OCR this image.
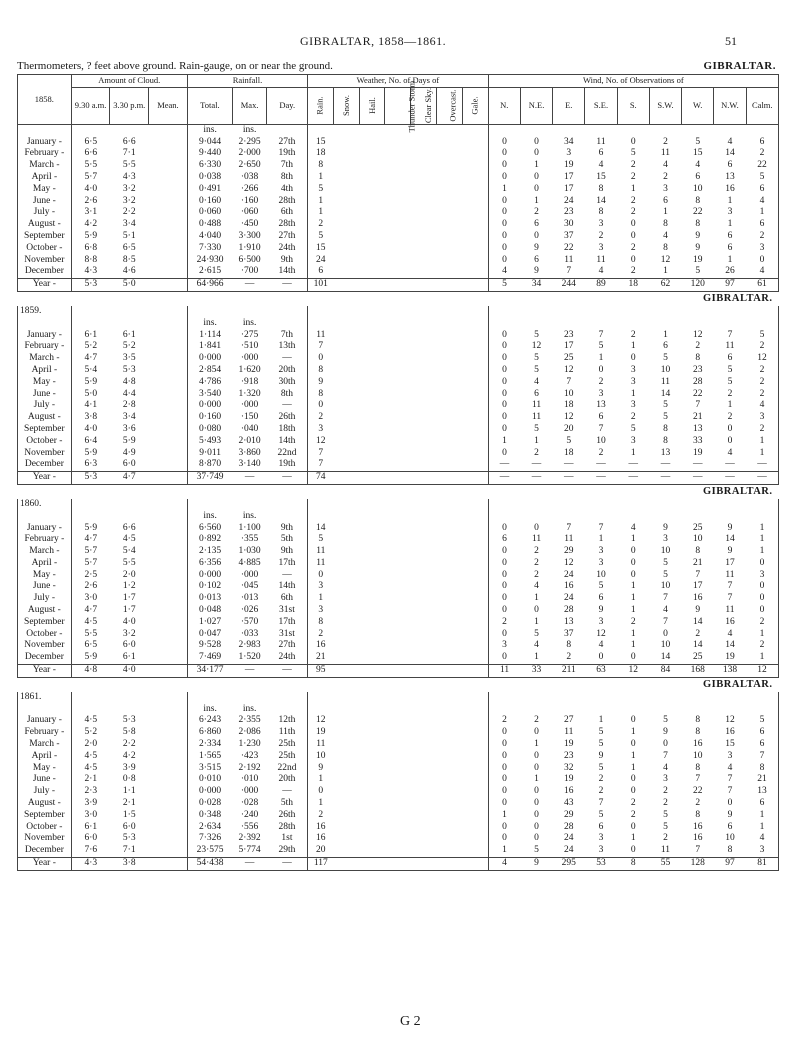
GIBRALTAR, 1858—1861.	51
Thermometers, ? feet above ground. Rain-gauge, on or near the ground.	GIBRALTAR.
1858.	Amount of Cloud.			Rainfall.			Weather, No. of Days of							Wind, No. of Observations of								
	9.30 a.m.	3.30 p.m.	Mean.	Total.	Max.	Day.	Rain.	Snow.	Hail.	Thunder Storm.	Clear Sky.	Overcast.	Gale.	N.	N.E.	E.	S.E.	S.	S.W.	W.	N.W.	Calm.
				ins.	ins.																	
January -	6·5	6·6		9·044	2·295	27th	15							0	0	34	11	0	2	5	4	6
February -	6·6	7·1		9·440	2·000	19th	18							0	0	3	6	5	11	15	14	2
March -	5·5	5·5		6·330	2·650	7th	8							0	1	19	4	2	4	4	6	22
April -	5·7	4·3		0·038	·038	8th	1							0	0	17	15	2	2	6	13	5
May -	4·0	3·2		0·491	·266	4th	5							1	0	17	8	1	3	10	16	6
June -	2·6	3·2		0·160	·160	28th	1							0	1	24	14	2	6	8	1	4
July -	3·1	2·2		0·060	·060	6th	1							0	2	23	8	2	1	22	3	1
August -	4·2	3·4		0·488	·450	28th	2							0	6	30	3	0	8	8	1	6
September	5·9	5·1		4·040	3·300	27th	5							0	0	37	2	0	4	9	6	2
October -	6·8	6·5		7·330	1·910	24th	15							0	9	22	3	2	8	9	6	3
November	8·8	8·5		24·930	6·500	9th	24							0	6	11	11	0	12	19	1	0
December	4·3	4·6		2·615	·700	14th	6							4	9	7	4	2	1	5	26	4
Year -	5·3	5·0		64·966	—	—	101							5	34	244	89	18	62	120	97	61
GIBRALTAR.																						
1859.																						
				ins.	ins.																	
January -	6·1	6·1		1·114	·275	7th	11							0	5	23	7	2	1	12	7	5
February -	5·2	5·2		1·841	·510	13th	7							0	12	17	5	1	6	2	11	2
March -	4·7	3·5		0·000	·000	—	0							0	5	25	1	0	5	8	6	12
April -	5·4	5·3		2·854	1·620	20th	8							0	5	12	0	3	10	23	5	2
May -	5·9	4·8		4·786	·918	30th	9							0	4	7	2	3	11	28	5	2
June -	5·0	4·4		3·540	1·320	8th	8							0	6	10	3	1	14	22	2	2
July -	4·1	2·8		0·000	·000	—	0							0	11	18	13	3	5	7	1	4
August -	3·8	3·4		0·160	·150	26th	2							0	11	12	6	2	5	21	2	3
September	4·0	3·6		0·080	·040	18th	3							0	5	20	7	5	8	13	0	2
October -	6·4	5·9		5·493	2·010	14th	12							1	1	5	10	3	8	33	0	1
November	5·9	4·9		9·011	3·860	22nd	7							0	2	18	2	1	13	19	4	1
December	6·3	6·0		8·870	3·140	19th	7							—	—	—	—	—	—	—	—	—
Year -	5·3	4·7		37·749	—	—	74							—	—	—	—	—	—	—	—	—
GIBRALTAR.																						
1860.																						
				ins.	ins.																	
January -	5·9	6·6		6·560	1·100	9th	14							0	0	7	7	4	9	25	9	1
February -	4·7	4·5		0·892	·355	5th	5							6	11	11	1	1	3	10	14	1
March -	5·7	5·4		2·135	1·030	9th	11							0	2	29	3	0	10	8	9	1
April -	5·7	5·5		6·356	4·885	17th	11							0	2	12	3	0	5	21	17	0
May -	2·5	2·0		0·000	·000	—	0							0	2	24	10	0	5	7	11	3
June -	2·6	1·2		0·102	·045	14th	3							0	4	16	5	1	10	17	7	0
July -	3·0	1·7		0·013	·013	6th	1							0	1	24	6	1	7	16	7	0
August -	4·7	1·7		0·048	·026	31st	3							0	0	28	9	1	4	9	11	0
September	4·5	4·0		1·027	·570	17th	8							2	1	13	3	2	7	14	16	2
October -	5·5	3·2		0·047	·033	31st	2							0	5	37	12	1	0	2	4	1
November	6·5	6·0		9·528	2·983	27th	16							3	4	8	4	1	10	14	14	2
December	5·9	6·1		7·469	1·520	24th	21							0	1	2	0	0	14	25	19	1
Year -	4·8	4·0		34·177	—	—	95							11	33	211	63	12	84	168	138	12
GIBRALTAR.																						
1861.																						
				ins.	ins.																	
January -	4·5	5·3		6·243	2·355	12th	12							2	2	27	1	0	5	8	12	5
February -	5·2	5·8		6·860	2·086	11th	19							0	0	11	5	1	9	8	16	6
March -	2·0	2·2		2·334	1·230	25th	11							0	1	19	5	0	0	16	15	6
April -	4·5	4·2		1·565	·423	25th	10							0	0	23	9	1	7	10	3	7
May -	4·5	3·9		3·515	2·192	22nd	9							0	0	32	5	1	4	8	4	8
June -	2·1	0·8		0·010	·010	20th	1							0	1	19	2	0	3	7	7	21
July -	2·3	1·1		0·000	·000	—	0							0	0	16	2	0	2	22	7	13
August -	3·9	2·1		0·028	·028	5th	1							0	0	43	7	2	2	2	0	6
September	3·0	1·5		0·348	·240	26th	2							1	0	29	5	2	5	8	9	1
October -	6·1	6·0		2·634	·556	28th	16							0	0	28	6	0	5	16	6	1
November	6·0	5·3		7·326	2·392	1st	16							0	0	24	3	1	2	16	10	4
December	7·6	7·1		23·575	5·774	29th	20							1	5	24	3	0	11	7	8	3
Year -	4·3	3·8		54·438	—	—	117							4	9	295	53	8	55	128	97	81
G 2
